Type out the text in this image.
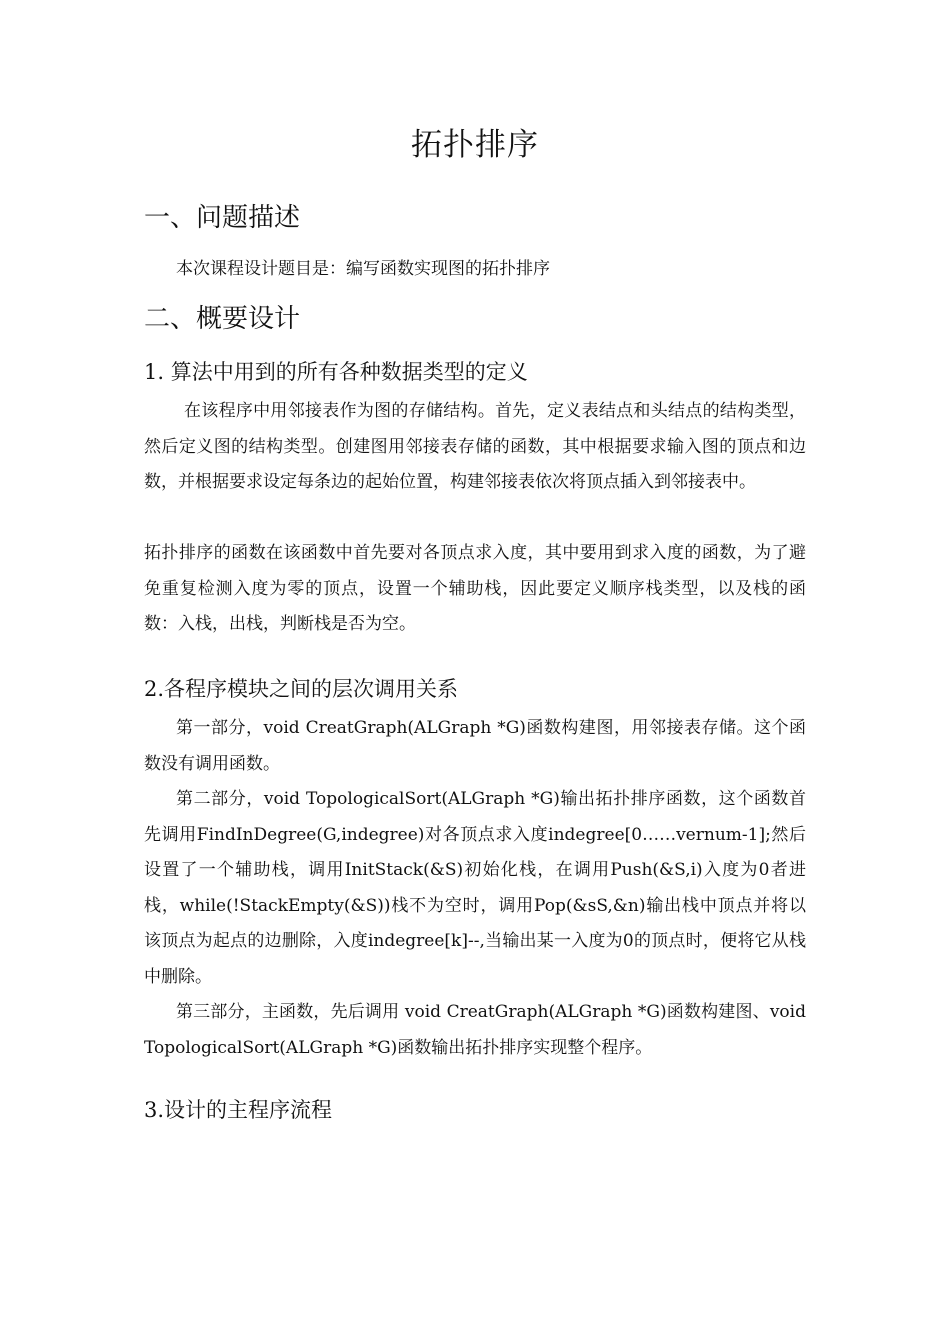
拓扑排序
一、问题描述

本次课程设计题目是：编写函数实现图的拓扑排序

二、概要设计
1. 算法中用到的所有各种数据类型的定义

在该程序中用邻接表作为图的存储结构。首先，定义表结点和头结点的结构类型，然后定义图的结构类型。创建图用邻接表存储的函数，其中根据要求输入图的顶点和边数，并根据要求设定每条边的起始位置，构建邻接表依次将顶点插入到邻接表中。

拓扑排序的函数在该函数中首先要对各顶点求入度，其中要用到求入度的函数，为了避免重复检测入度为零的顶点，设置一个辅助栈，因此要定义顺序栈类型，以及栈的函数：入栈，出栈，判断栈是否为空。

2.各程序模块之间的层次调用关系

第一部分，void CreatGraph(ALGraph *G)函数构建图，用邻接表存储。这个函数没有调用函数。

第二部分，void TopologicalSort(ALGraph *G)输出拓扑排序函数，这个函数首先调用FindInDegree(G,indegree)对各顶点求入度indegree[0……vernum-1];然后设置了一个辅助栈，调用InitStack(&S)初始化栈，在调用Push(&S,i)入度为0者进栈，while(!StackEmpty(&S))栈不为空时，调用Pop(&sS,&n)输出栈中顶点并将以该顶点为起点的边删除，入度indegree[k]--,当输出某一入度为0的顶点时，便将它从栈中删除。

第三部分，主函数，先后调用 void CreatGraph(ALGraph *G)函数构建图、void TopologicalSort(ALGraph *G)函数输出拓扑排序实现整个程序。

3.设计的主程序流程
